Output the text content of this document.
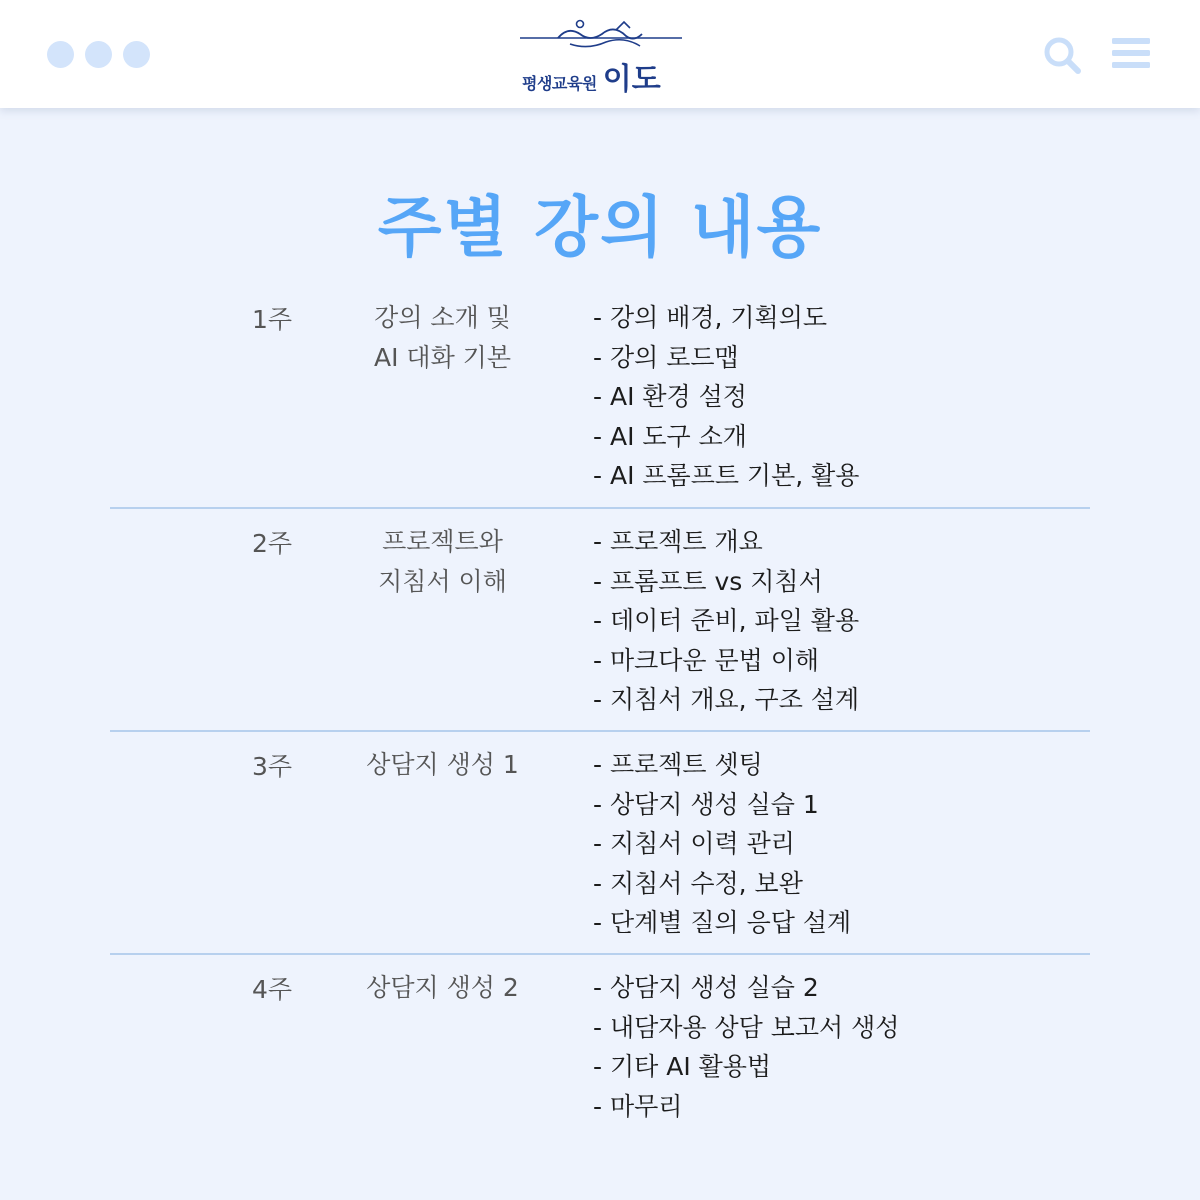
평생교육원 이도
주별 강의 내용
1주	강의 소개 및
AI 대화 기본
- 강의 배경, 기획의도
- 강의 로드맵
- AI 환경 설정
- AI 도구 소개
- AI 프롬프트 기본, 활용
2주	프로젝트와
지침서 이해
- 프로젝트 개요
- 프롬프트 vs 지침서
- 데이터 준비, 파일 활용
- 마크다운 문법 이해
- 지침서 개요, 구조 설계
3주	상담지 생성 1	- 프로젝트 셋팅
- 상담지 생성 실습 1
- 지침서 이력 관리
- 지침서 수정, 보완
- 단계별 질의 응답 설계
4주	상담지 생성 2	- 상담지 생성 실습 2
- 내담자용 상담 보고서 생성
- 기타 AI 활용법
- 마무리
